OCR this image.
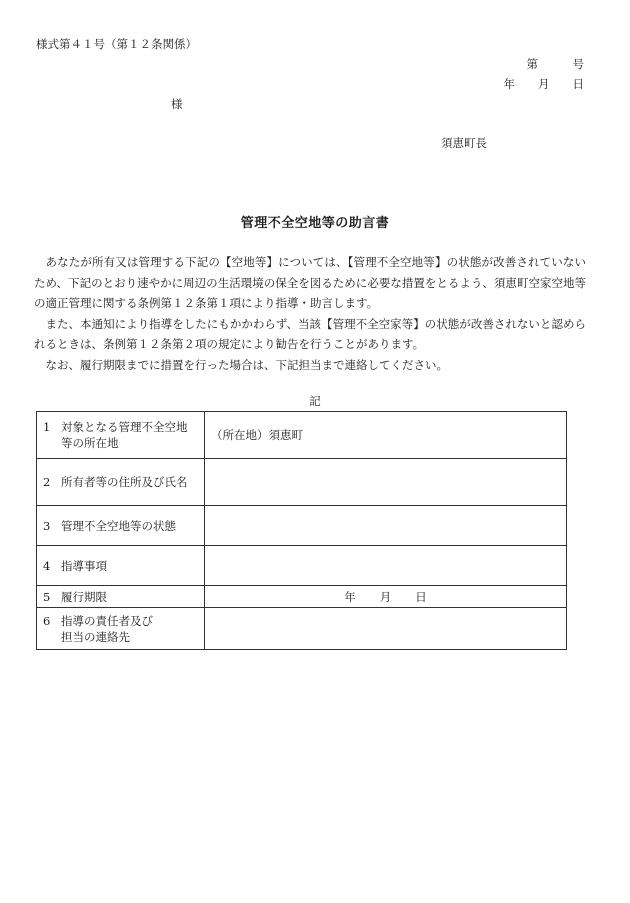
様式第４１号（第１２条関係）
第　　　号
年　　月　　日
様
須恵町長
管理不全空地等の助言書

あなたが所有又は管理する下記の【空地等】については、【管理不全空地等】の状態が改善されていないため、下記のとおり速やかに周辺の生活環境の保全を図るために必要な措置をとるよう、須恵町空家空地等の適正管理に関する条例第１２条第１項により指導・助言します。

また、本通知により指導をしたにもかかわらず、当該【管理不全空家等】の状態が改善されないと認められるときは、条例第１２条第２項の規定により勧告を行うことがあります。

なお、履行期限までに措置を行った場合は、下記担当まで連絡してください。

記
1 対象となる管理不全空地
等の所在地	（所在地）須恵町
2 所有者等の住所及び氏名	
3 管理不全空地等の状態	
4 指導事項	
5 履行期限	年 月 日
6 指導の責任者及び
担当の連絡先	
